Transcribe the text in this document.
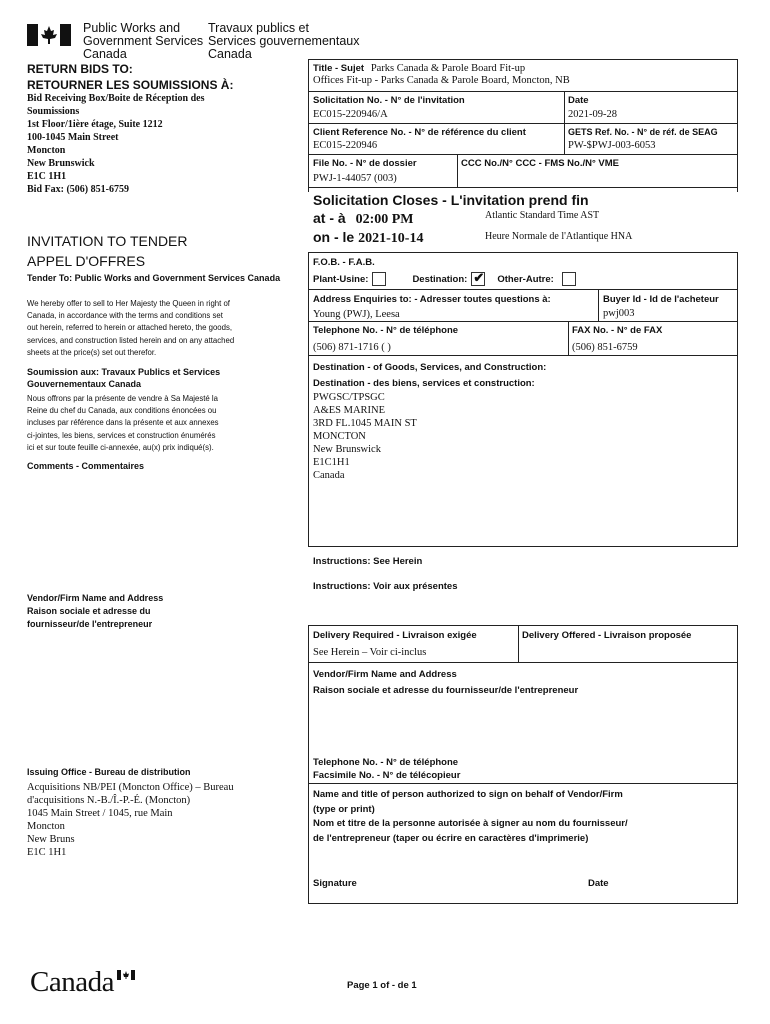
Public Works and
Government Services
Canada
Travaux publics et
Services gouvernementaux
Canada
RETURN BIDS TO:
RETOURNER LES SOUMISSIONS À:
Bid Receiving Box/Boite de Réception des
Soumissions
1st Floor/1ière étage, Suite 1212
100-1045 Main Street
Moncton
New Brunswick
E1C 1H1
Bid Fax: (506) 851-6759
INVITATION TO TENDER
APPEL D'OFFRES
Tender To: Public Works and Government Services Canada
We hereby offer to sell to Her Majesty the Queen in right of
Canada, in accordance with the terms and conditions set
out herein, referred to herein or attached hereto, the goods,
services, and construction listed herein and on any attached
sheets at the price(s) set out therefor.
Soumission aux: Travaux Publics et Services Gouvernementaux Canada
Nous offrons par la présente de vendre à Sa Majesté la
Reine du chef du Canada, aux conditions énoncées ou
incluses par référence dans la présente et aux annexes
ci-jointes, les biens, services et construction énumérés
ici et sur toute feuille ci-annexée, au(x) prix indiqué(s).
Comments - Commentaires
Vendor/Firm Name and Address
Raison sociale et adresse du
fournisseur/de l'entrepreneur
Issuing Office - Bureau de distribution
Acquisitions NB/PEI (Moncton Office) – Bureau
d'acquisitions N.-B./Î.-P.-É. (Moncton)
1045 Main Street / 1045, rue Main
Moncton
New Bruns
E1C 1H1
Title - Sujet Parks Canada & Parole Board Fit-up
Offices Fit-up - Parks Canada & Parole Board, Moncton, NB
Solicitation No. - N° de l'invitation
EC015-220946/A
Date
2021-09-28
Client Reference No. - N° de référence du client
EC015-220946
GETS Ref. No. - N° de réf. de SEAG
PW-$PWJ-003-6053
File No. - N° de dossier
PWJ-1-44057 (003)
CCC No./N° CCC - FMS No./N° VME
Solicitation Closes - L'invitation prend fin
at - à 02:00 PM
on - le 2021-10-14
Atlantic Standard Time AST
Heure Normale de l'Atlantique HNA
F.O.B. - F.A.B.
Plant-Usine:	Destination:
✔	Other-Autre:
Address Enquiries to: - Adresser toutes questions à:
Young (PWJ), Leesa
Buyer Id - Id de l'acheteur
pwj003
Telephone No. - N° de téléphone
(506) 871-1716 ( )
FAX No. - N° de FAX
(506) 851-6759
Destination - of Goods, Services, and Construction:
Destination - des biens, services et construction:
PWGSC/TPSGC
A&ES MARINE
3RD FL.1045 MAIN ST
MONCTON
New Brunswick
E1C1H1
Canada
Instructions: See Herein
Instructions: Voir aux présentes
Delivery Required - Livraison exigée
See Herein – Voir ci-inclus
Delivery Offered - Livraison proposée
Vendor/Firm Name and Address
Raison sociale et adresse du fournisseur/de l'entrepreneur
Telephone No. - N° de téléphone
Facsimile No. - N° de télécopieur
Name and title of person authorized to sign on behalf of Vendor/Firm
(type or print)
Nom et titre de la personne autorisée à signer au nom du fournisseur/
de l'entrepreneur (taper ou écrire en caractères d'imprimerie)
Signature	Date
Canada	Page 1 of - de 1
